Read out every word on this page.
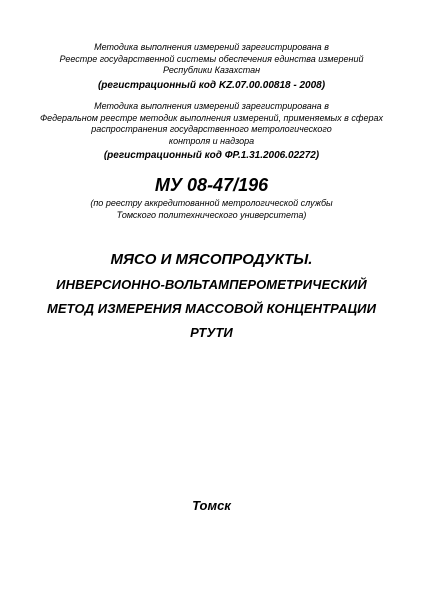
Методика выполнения измерений зарегистрирована в
Реестре государственной системы обеспечения единства измерений
Республики Казахстан
(регистрационный код KZ.07.00.00818 - 2008)
Методика выполнения измерений зарегистрирована в
Федеральном реестре методик выполнения измерений, применяемых в сферах
распространения государственного метрологического
контроля и надзора
(регистрационный код ФР.1.31.2006.02272)
МУ 08-47/196
(по реестру аккредитованной метрологической службы
Томского политехнического университета)
МЯСО И МЯСОПРОДУКТЫ.
ИНВЕРСИОННО-ВОЛЬТАМПЕРОМЕТРИЧЕСКИЙ
МЕТОД ИЗМЕРЕНИЯ МАССОВОЙ КОНЦЕНТРАЦИИ
РТУТИ
Томск
